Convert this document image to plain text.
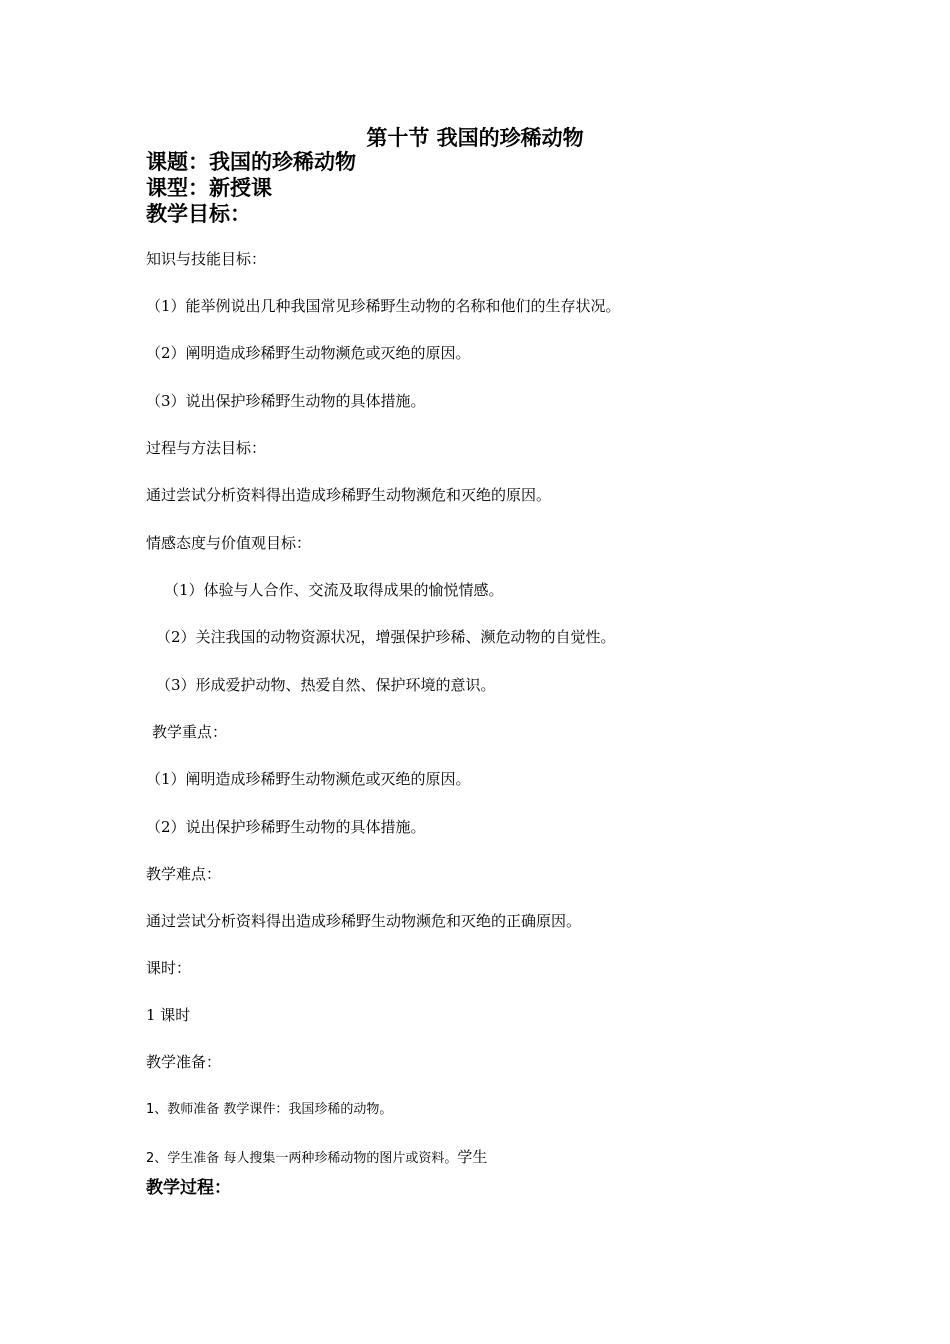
第十节 我国的珍稀动物
课题：我国的珍稀动物
课型：新授课
教学目标：
知识与技能目标：
（1）能举例说出几种我国常见珍稀野生动物的名称和他们的生存状况。
（2）阐明造成珍稀野生动物濒危或灭绝的原因。
（3）说出保护珍稀野生动物的具体措施。
过程与方法目标：
通过尝试分析资料得出造成珍稀野生动物濒危和灭绝的原因。
情感态度与价值观目标：
（1）体验与人合作、交流及取得成果的愉悦情感。
（2）关注我国的动物资源状况，增强保护珍稀、濒危动物的自觉性。
（3）形成爱护动物、热爱自然、保护环境的意识。
教学重点：
（1）阐明造成珍稀野生动物濒危或灭绝的原因。
（2）说出保护珍稀野生动物的具体措施。
教学难点：
通过尝试分析资料得出造成珍稀野生动物濒危和灭绝的正确原因。
课时：
1 课时
教学准备：
1、教师准备 教学课件：我国珍稀的动物。
2、学生准备 每人搜集一两种珍稀动物的图片或资料。学生
教学过程：
